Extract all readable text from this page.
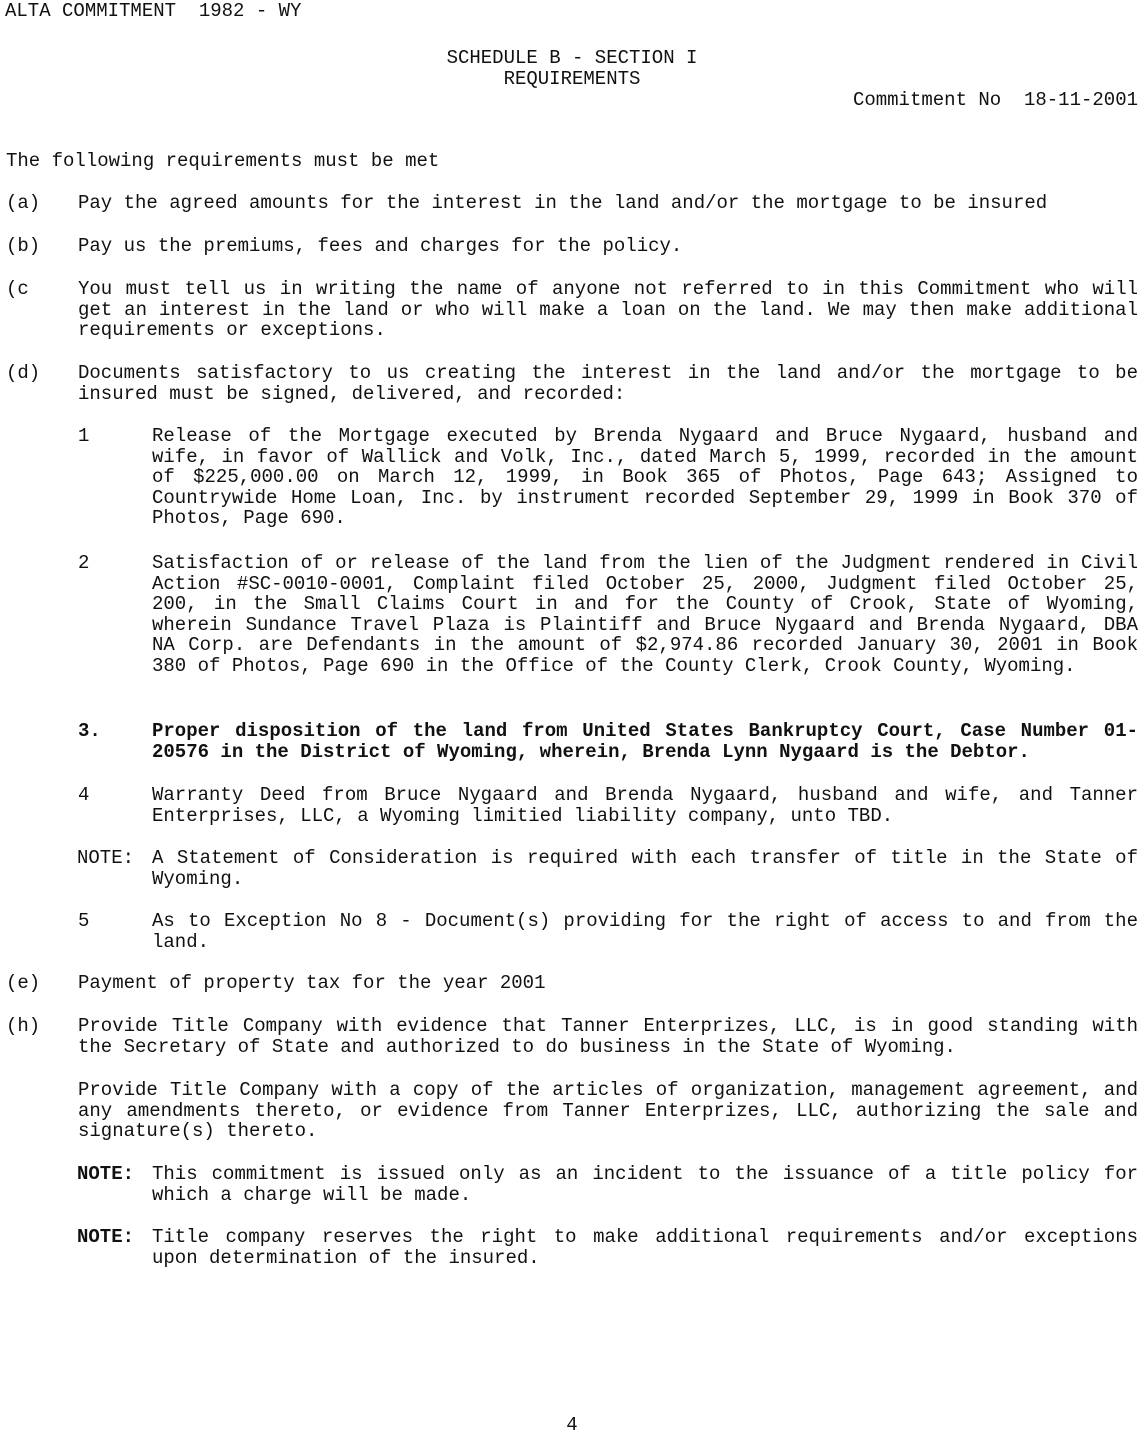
ALTA COMMITMENT  1982 - WY
SCHEDULE B - SECTION I
REQUIREMENTS
Commitment No  18-11-2001
The following requirements must be met
(a) Pay the agreed amounts for the interest in the land and/or the mortgage to be insured
(b) Pay us the premiums, fees and charges for the policy.
(c	You must tell us in writing the name of anyone not referred to in this Commitment who will get an interest in the land or who will make a loan on the land. We may then make additional requirements or exceptions.
(d) Documents satisfactory to us creating the interest in the land and/or the mortgage to be insured must be signed, delivered, and recorded:
1	Release of the Mortgage executed by Brenda Nygaard and Bruce Nygaard, husband and wife, in favor of Wallick and Volk, Inc., dated March 5, 1999, recorded in the amount of $225,000.00 on March 12, 1999, in Book 365 of Photos, Page 643; Assigned to Countrywide Home Loan, Inc. by instrument recorded September 29, 1999 in Book 370 of Photos, Page 690.
2	Satisfaction of or release of the land from the lien of the Judgment rendered in Civil Action #SC-0010-0001, Complaint filed October 25, 2000, Judgment filed October 25, 200, in the Small Claims Court in and for the County of Crook, State of Wyoming, wherein Sundance Travel Plaza is Plaintiff and Bruce Nygaard and Brenda Nygaard, DBA NA Corp. are Defendants in the amount of $2,974.86 recorded January 30, 2001 in Book 380 of Photos, Page 690 in the Office of the County Clerk, Crook County, Wyoming.
3.	Proper disposition of the land from United States Bankruptcy Court, Case Number 01-20576 in the District of Wyoming, wherein, Brenda Lynn Nygaard is the Debtor.
4	Warranty Deed from Bruce Nygaard and Brenda Nygaard, husband and wife, and Tanner Enterprises, LLC, a Wyoming limitied liability company, unto TBD.
NOTE: A Statement of Consideration is required with each transfer of title in the State of Wyoming.
5	As to Exception No 8 - Document(s) providing for the right of access to and from the land.
(e) Payment of property tax for the year 2001
(h) Provide Title Company with evidence that Tanner Enterprizes, LLC, is in good standing with the Secretary of State and authorized to do business in the State of Wyoming.
Provide Title Company with a copy of the articles of organization, management agreement, and any amendments thereto, or evidence from Tanner Enterprizes, LLC, authorizing the sale and signature(s) thereto.
NOTE: This commitment is issued only as an incident to the issuance of a title policy for which a charge will be made.
NOTE: Title company reserves the right to make additional requirements and/or exceptions upon determination of the insured.
4
